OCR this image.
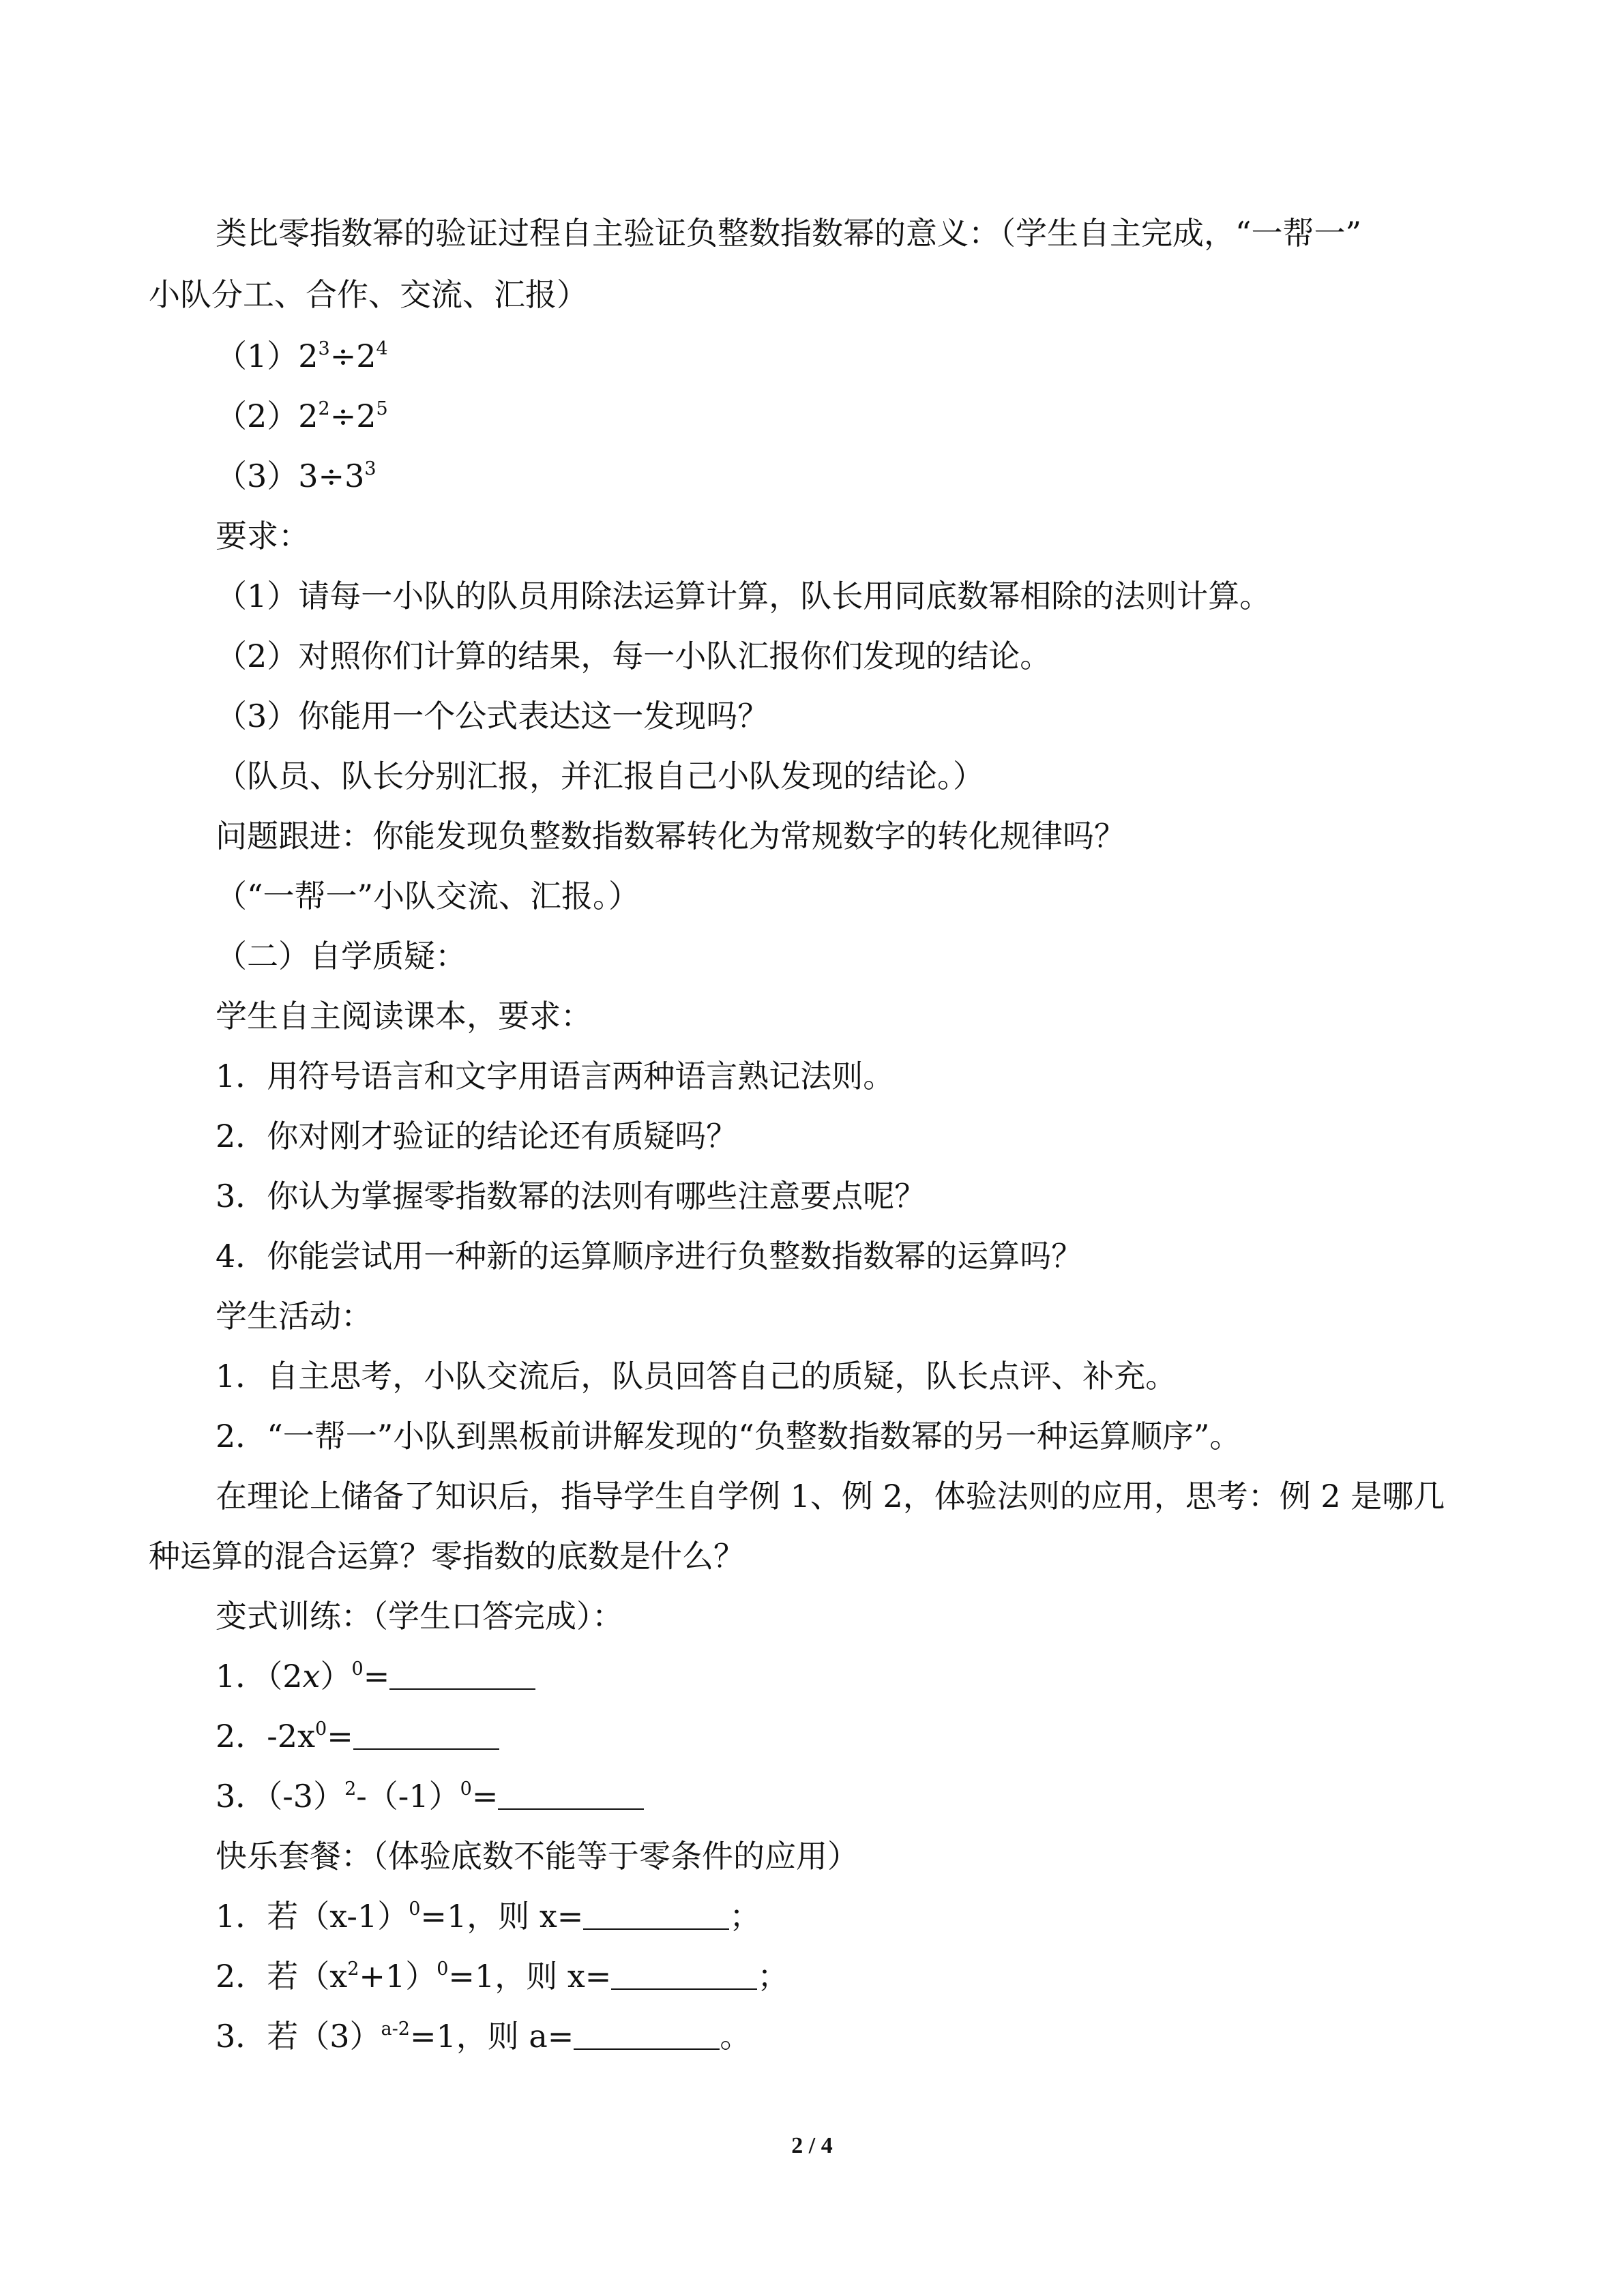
类比零指数幂的验证过程自主验证负整数指数幂的意义：（学生自主完成，“一帮一”
小队分工、合作、交流、汇报）
$(1)2^3\div 2^4$
$(2)2^2\div 2^5$
$(3)3\div 3^3$
要求：
（1）请每一小队的队员用除法运算计算，队长用同底数幂相除的法则计算。
（2）对照你们计算的结果，每一小队汇报你们发现的结论。
（3）你能用一个公式表达这一发现吗？
（队员、队长分别汇报，并汇报自己小队发现的结论。）
问题跟进：你能发现负整数指数幂转化为常规数字的转化规律吗？
（“一帮一”小队交流、汇报。）
（二）自学质疑：
学生自主阅读课本，要求：
1．用符号语言和文字用语言两种语言熟记法则。
2．你对刚才验证的结论还有质疑吗？
3．你认为掌握零指数幂的法则有哪些注意要点呢？
4．你能尝试用一种新的运算顺序进行负整数指数幂的运算吗？
学生活动：
1．自主思考，小队交流后，队员回答自己的质疑，队长点评、补充。
2．“一帮一”小队到黑板前讲解发现的“负整数指数幂的另一种运算顺序”。
在理论上储备了知识后，指导学生自学例 1、例 2，体验法则的应用，思考：例 2 是哪几
种运算的混合运算？零指数的底数是什么？
变式训练：（学生口答完成）：
1．$(2x)^0=$
2．$-2x^0=$
3．$(-3)^2-(-1)^0=$
快乐套餐：（体验底数不能等于零条件的应用）
1．若$(x-1)^0=1$，则 x=	；
2．若$(x^2+1)^0=1$，则 x=	；
3．若$(3)^{a-2}=1$，则 a=	。
2 / 4
